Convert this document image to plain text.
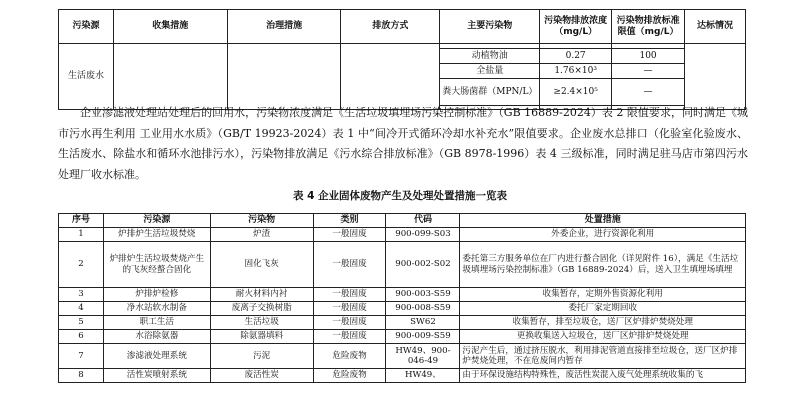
污染源	收集措施	治理措施	排放方式	主要污染物	污染物排放浓度（mg/L）	污染物排放标准限值（mg/L）	达标情况
生活废水							
				动植物油	0.27	100	
				全盐量	1.76×10³	—	
				粪大肠菌群（MPN/L）	≥2.4×10⁵	—	

企业渗滤液处理站处理后的回用水，污染物浓度满足《生活垃圾填埋场污染控制标准》（GB 16889-2024）表 2 限值要求，同时满足《城市污水再生利用 工业用水水质》（GB/T 19923-2024）表 1 中“间冷开式循环冷却水补充水”限值要求。企业废水总排口（化验室化验废水、生活废水、除盐水和循环水池排污水），污染物排放满足《污水综合排放标准》（GB 8978-1996）表 4 三级标准，同时满足驻马店市第四污水处理厂收水标准。
表 4 企业固体废物产生及处理处置措施一览表
序号	污染源	污染物	类别	代码	处置措施
1	炉排炉生活垃圾焚烧	炉渣	一般固废	900-099-S03	外委企业，进行资源化利用
2	炉排炉生活垃圾焚烧产生的飞灰经螯合固化	固化飞灰	一般固废	900-002-S02	委托第三方服务单位在厂内进行螯合固化（详见附件 16），满足《生活垃圾填埋场污染控制标准》（GB 16889-2024）后，送入卫生填埋场填埋
3	炉排炉检修	耐火材料内衬	一般固废	900-003-S59	收集暂存，定期外售资源化利用
4	净水站软水制备	废离子交换树脂	一般固废	900-008-S59	委托厂家定期回收
5	职工生活	生活垃圾	一般固废	SW62	收集暂存，排至垃圾仓，送厂区炉排炉焚烧处理
6	水浴除氨器	除氨器填料	一般固废	900-009-S59	更换收集送入垃圾仓，送厂区炉排炉焚烧处理
7	渗滤液处理系统	污泥	危险废物	HW49、900-046-49	污泥产生后，通过挤压脱水，利用排泥管道直接排至垃圾仓，送厂区炉排炉焚烧处理，不在危废间内暂存
8	活性炭喷射系统	废活性炭	危险废物	HW49、	由于环保设施结构特殊性，废活性炭混入废气处理系统收集的飞
